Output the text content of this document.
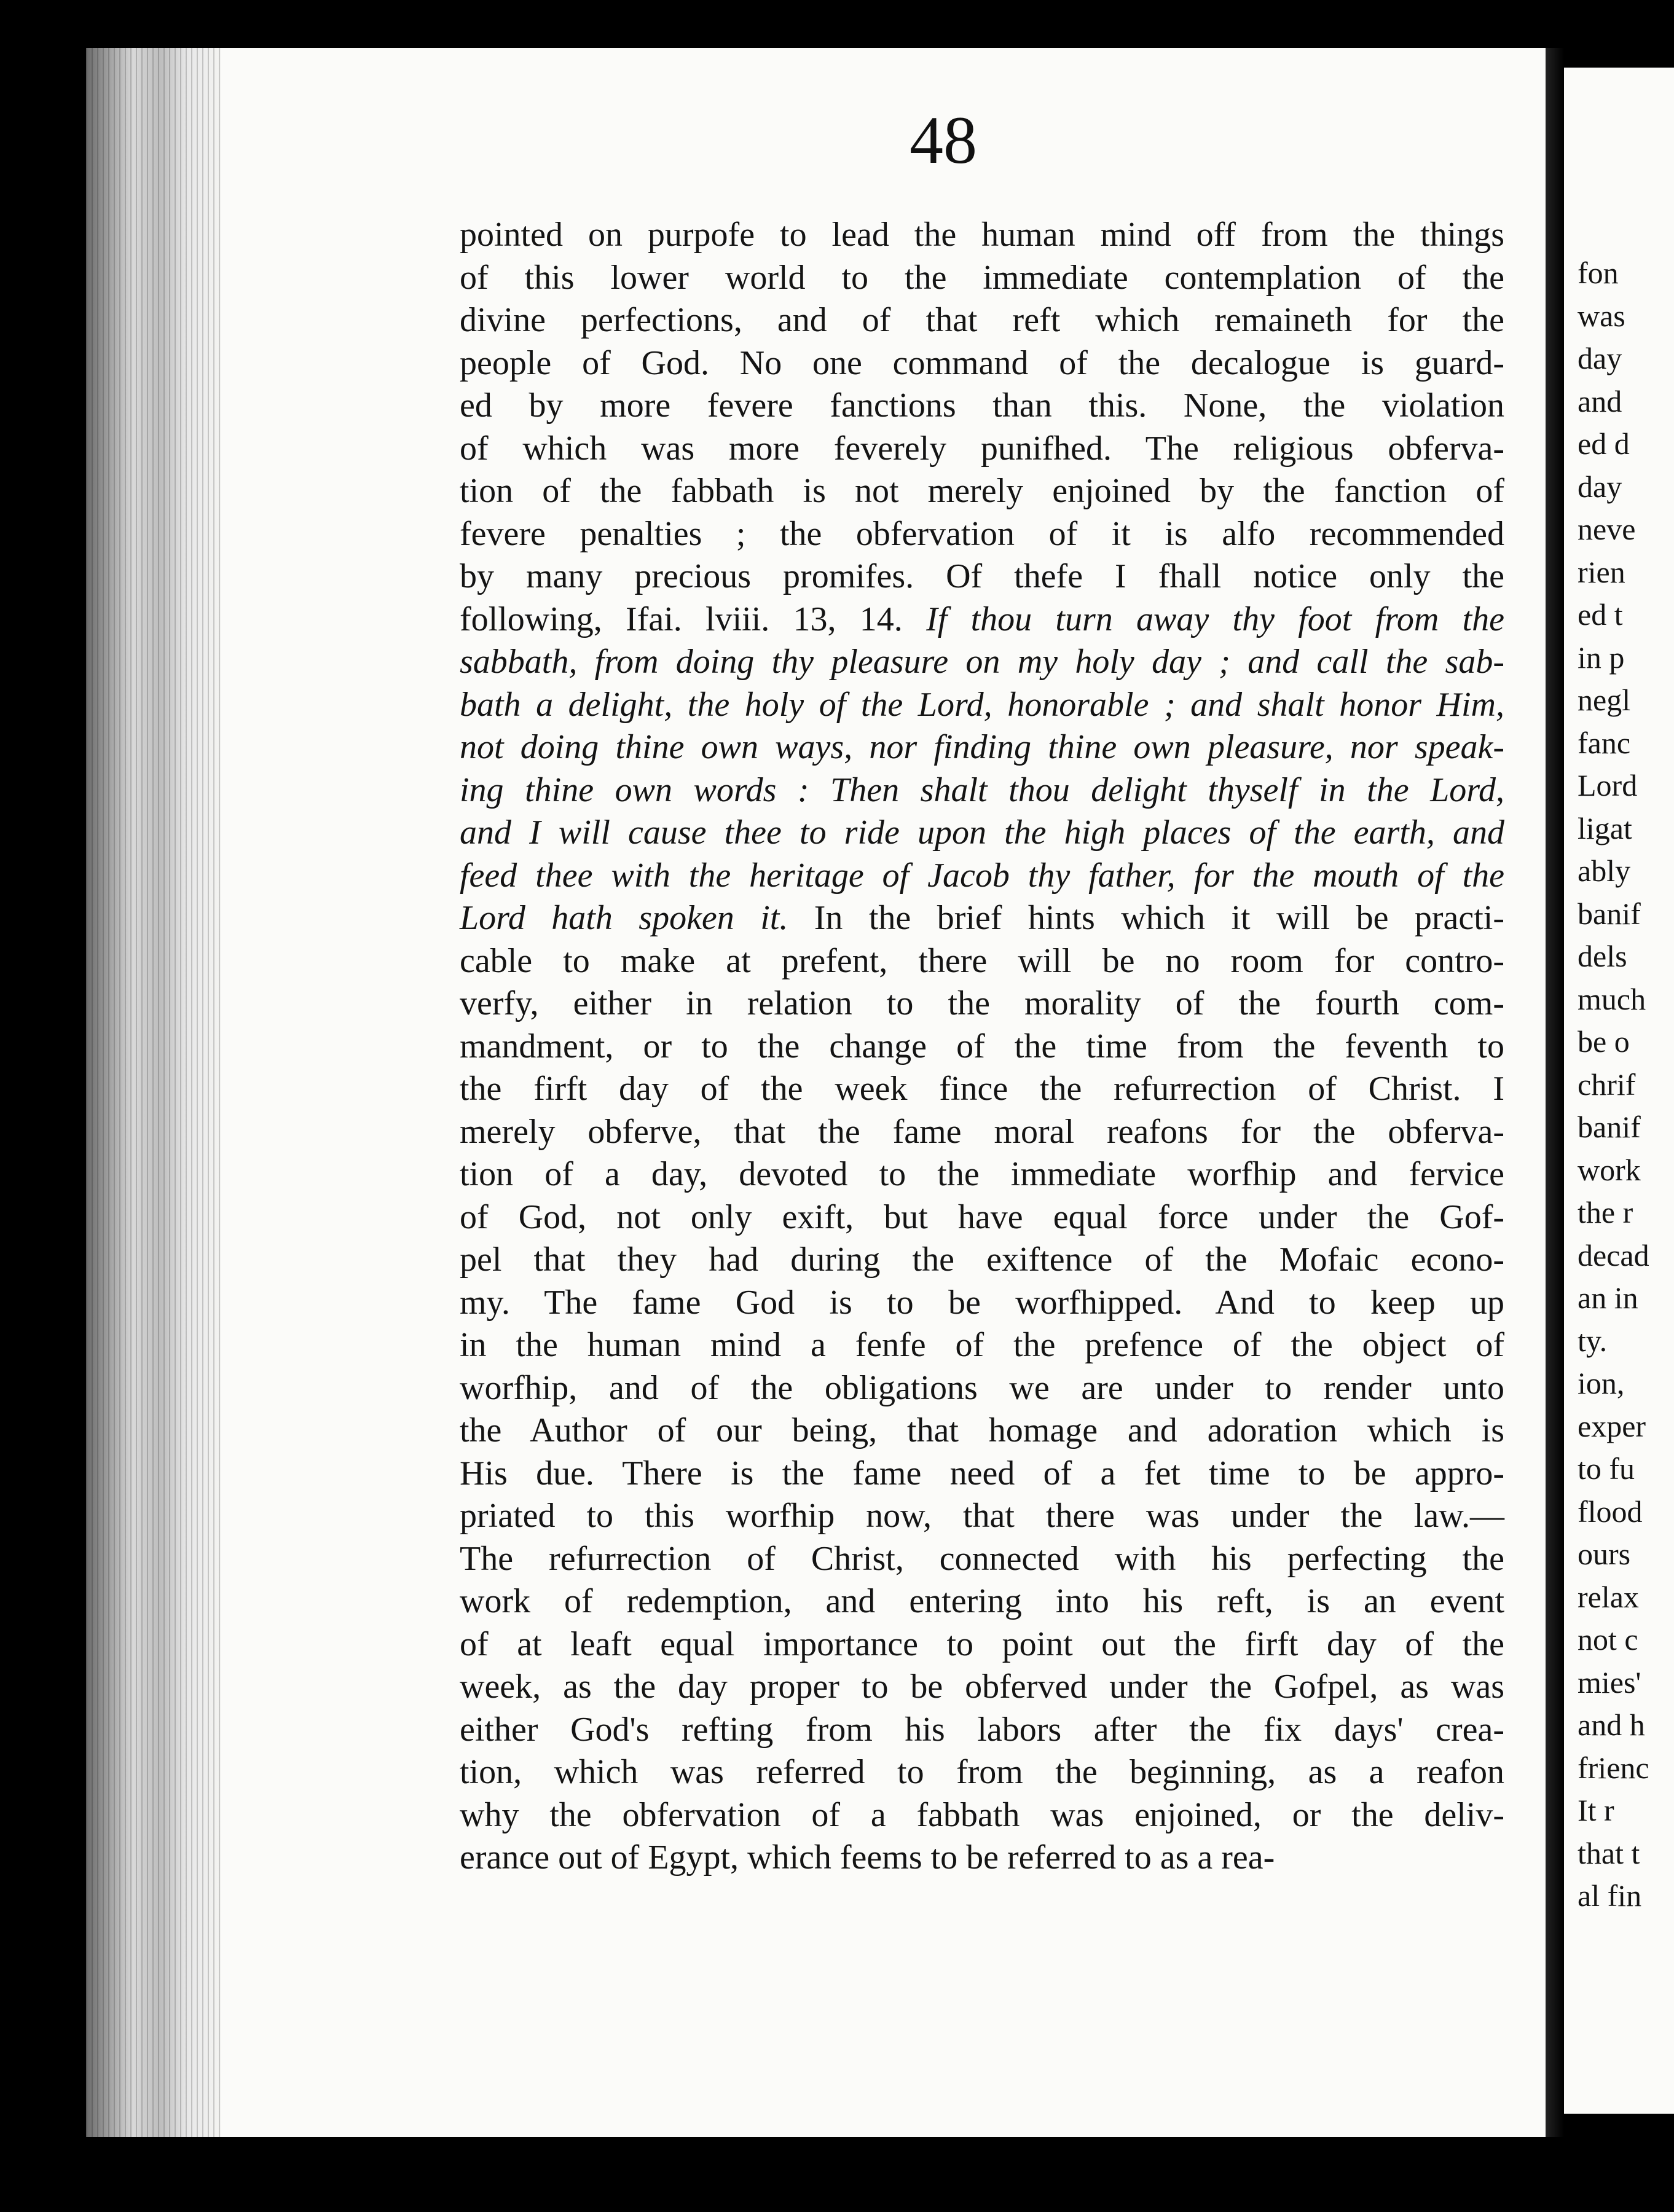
48
pointed on purpofe to lead the human mind off from the things
of this lower world to the immediate contemplation of the
divine perfections, and of that reft which remaineth for the
people of God. No one command of the decalogue is guard-
ed by more fevere fanctions than this. None, the violation
of which was more feverely punifhed. The religious obferva-
tion of the fabbath is not merely enjoined by the fanction of
fevere penalties ; the obfervation of it is alfo recommended
by many precious promifes. Of thefe I fhall notice only the
following, Ifai. lviii. 13, 14. If thou turn away thy foot from the
sabbath, from doing thy pleasure on my holy day ; and call the sab-
bath a delight, the holy of the Lord, honorable ; and shalt honor Him,
not doing thine own ways, nor finding thine own pleasure, nor speak-
ing thine own words : Then shalt thou delight thyself in the Lord,
and I will cause thee to ride upon the high places of the earth, and
feed thee with the heritage of Jacob thy father, for the mouth of the
Lord hath spoken it. In the brief hints which it will be practi-
cable to make at prefent, there will be no room for contro-
verfy, either in relation to the morality of the fourth com-
mandment, or to the change of the time from the feventh to
the firft day of the week fince the refurrection of Christ. I
merely obferve, that the fame moral reafons for the obferva-
tion of a day, devoted to the immediate worfhip and fervice
of God, not only exift, but have equal force under the Gof-
pel that they had during the exiftence of the Mofaic econo-
my. The fame God is to be worfhipped. And to keep up
in the human mind a fenfe of the prefence of the object of
worfhip, and of the obligations we are under to render unto
the Author of our being, that homage and adoration which is
His due. There is the fame need of a fet time to be appro-
priated to this worfhip now, that there was under the law.—
The refurrection of Christ, connected with his perfecting the
work of redemption, and entering into his reft, is an event
of at leaft equal importance to point out the firft day of the
week, as the day proper to be obferved under the Gofpel, as was
either God's refting from his labors after the fix days' crea-
tion, which was referred to from the beginning, as a reafon
why the obfervation of a fabbath was enjoined, or the deliv-
erance out of Egypt, which feems to be referred to as a rea-
fon
was
day
and
ed d
day
neve
rien
ed t
in p
negl
fanc
Lord
ligat
ably
banif
dels
much
be o
chrif
banif
work
the r
decad
an in
ty.
ion,
exper
to fu
flood
ours
relax
not c
mies'
and h
frienc
It r
that t
al fin
